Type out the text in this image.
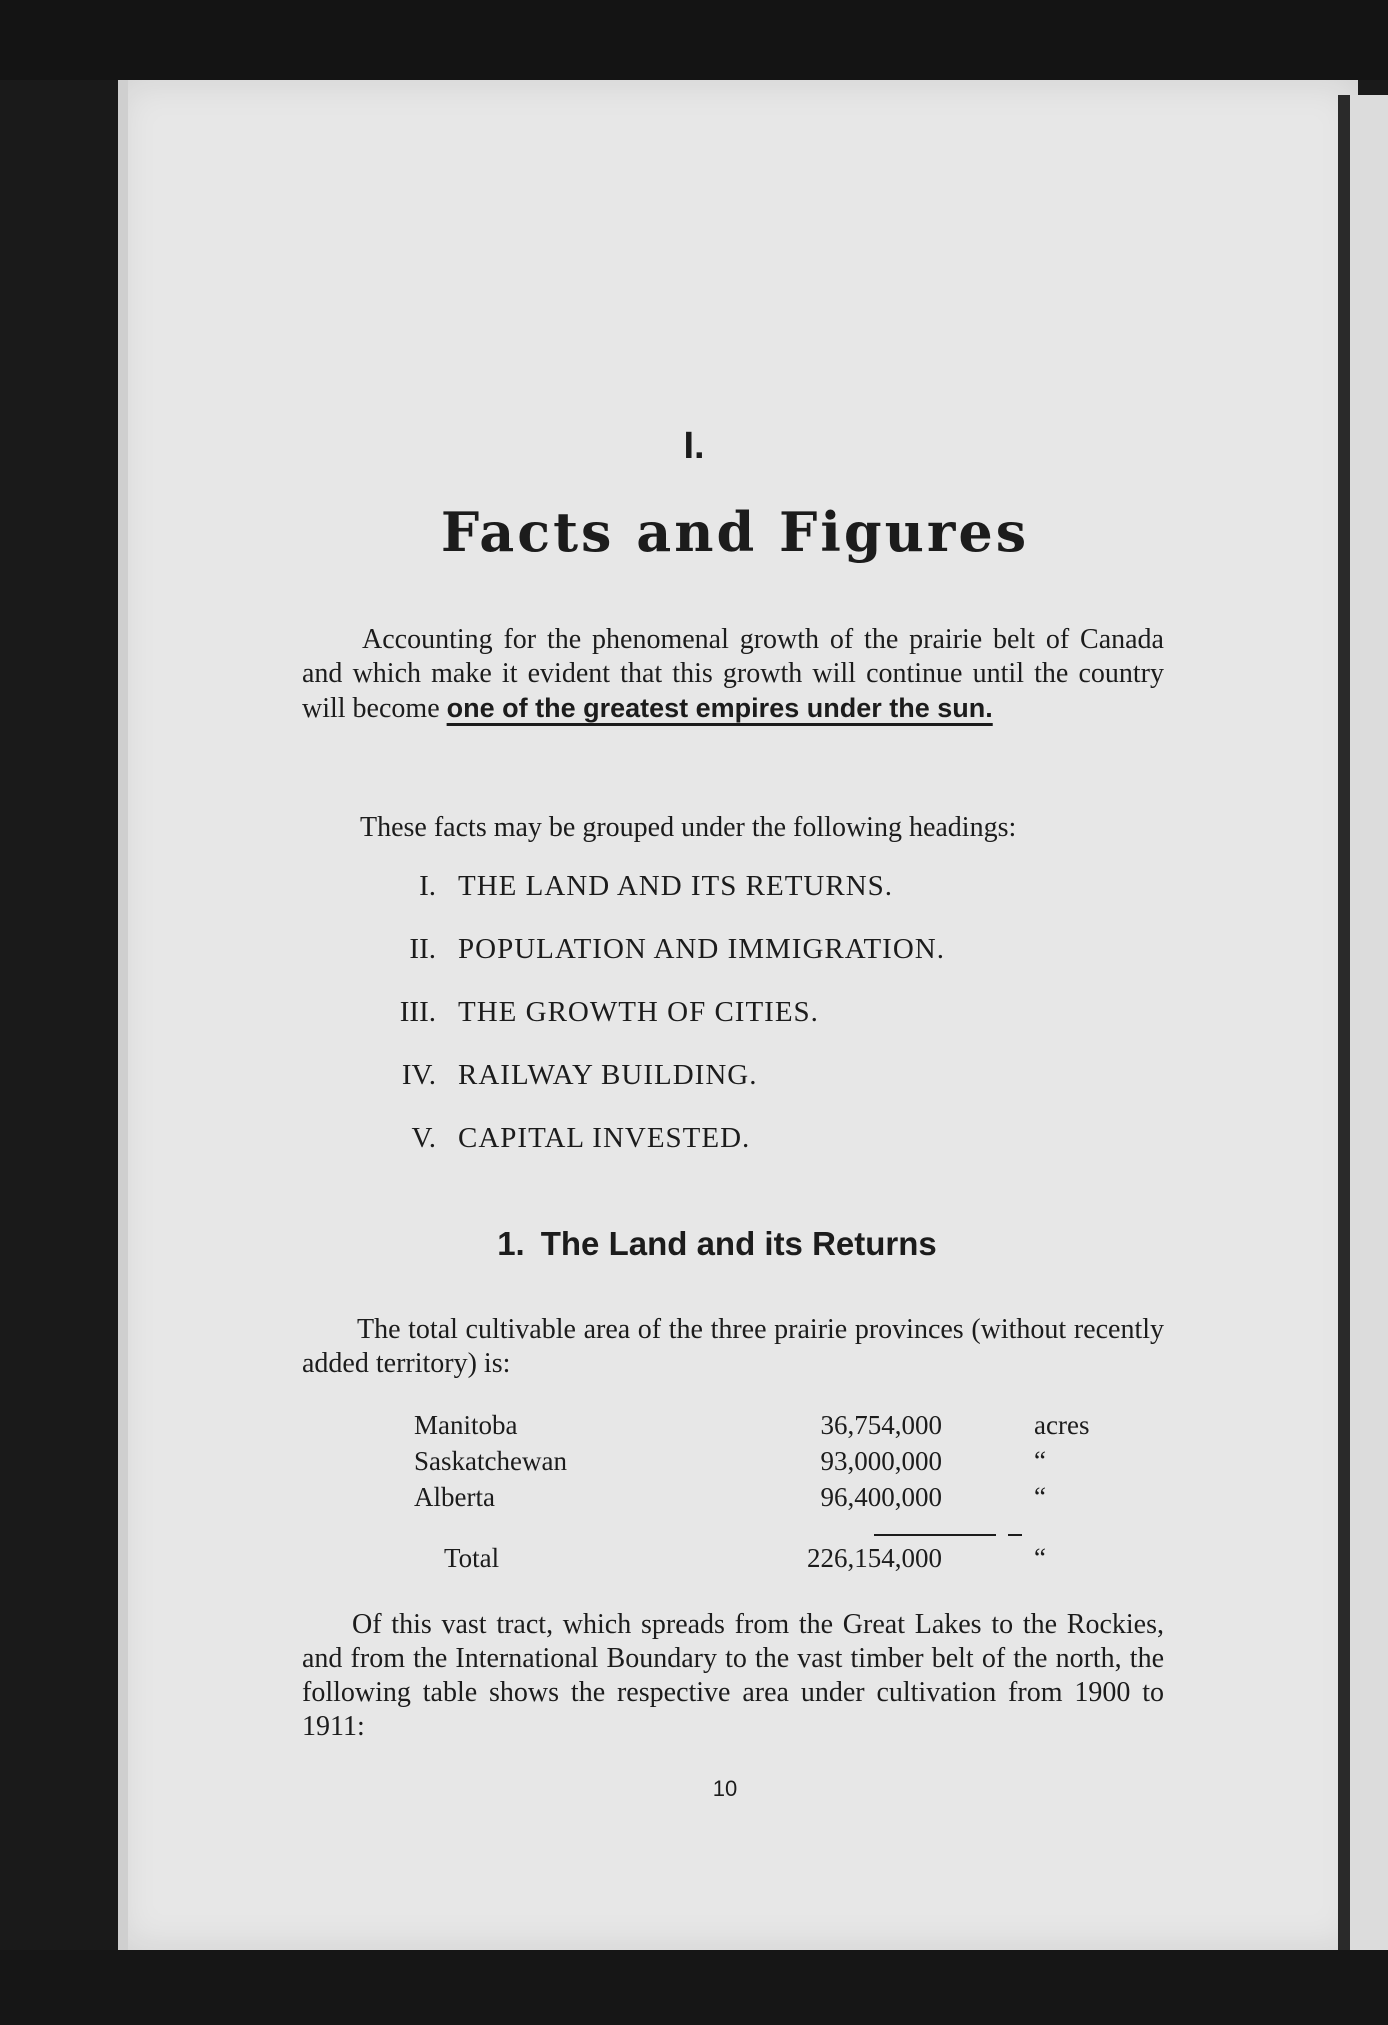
I.
Facts and Figures

Accounting for the phenomenal growth of the prairie belt of Canada and which make it evident that this growth will continue until the country will become one of the greatest empires under the sun.

These facts may be grouped under the following headings:

I. THE LAND AND ITS RETURNS.
II. POPULATION AND IMMIGRATION.
III. THE GROWTH OF CITIES.
IV. RAILWAY BUILDING.
V. CAPITAL INVESTED.
1. The Land and its Returns

The total cultivable area of the three prairie provinces (without recently added territory) is:

Manitoba	36,754,000	acres
Saskatchewan	93,000,000	“
Alberta	96,400,000	“
Total	226,154,000	“

Of this vast tract, which spreads from the Great Lakes to the Rockies, and from the International Boundary to the vast timber belt of the north, the following table shows the respective area under cultivation from 1900 to 1911:

10
